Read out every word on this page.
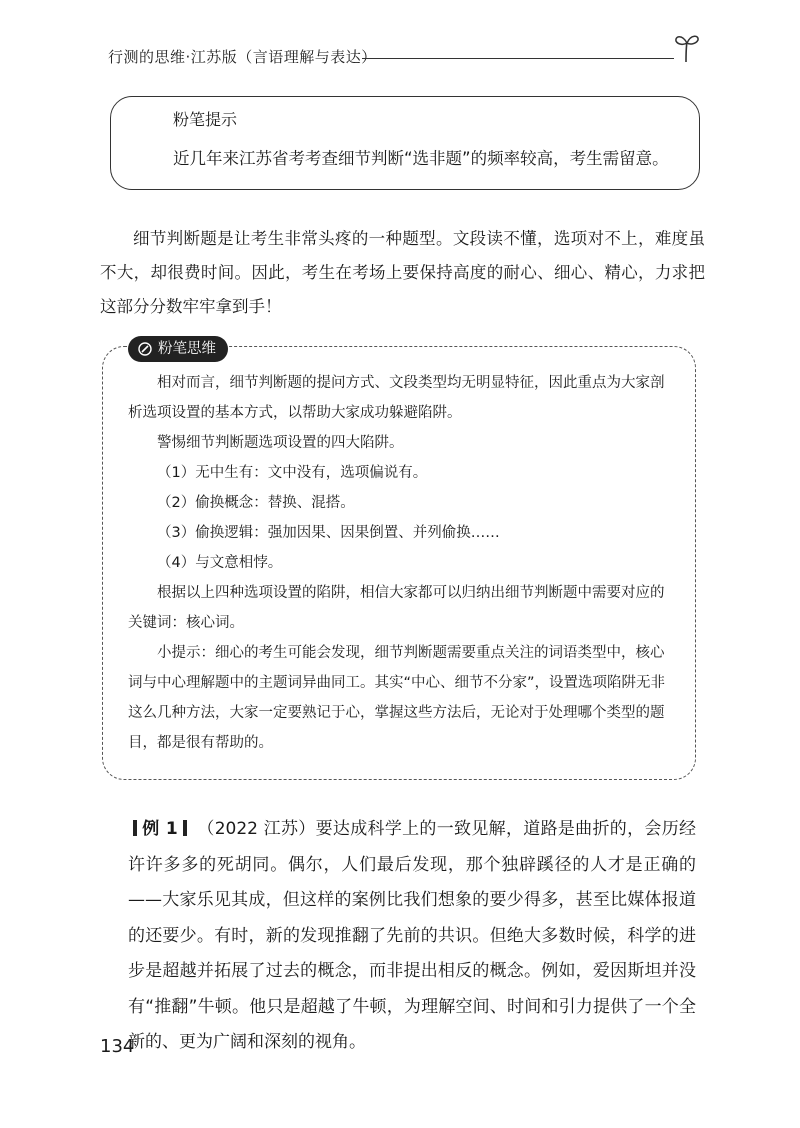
行测的思维·江苏版（言语理解与表达）
粉笔提示
近几年来江苏省考考查细节判断“选非题”的频率较高，考生需留意。

细节判断题是让考生非常头疼的一种题型。文段读不懂，选项对不上，难度虽不大，却很费时间。因此，考生在考场上要保持高度的耐心、细心、精心，力求把这部分分数牢牢拿到手！

粉笔思维

相对而言，细节判断题的提问方式、文段类型均无明显特征，因此重点为大家剖析选项设置的基本方式，以帮助大家成功躲避陷阱。

警惕细节判断题选项设置的四大陷阱。

（1）无中生有：文中没有，选项偏说有。

（2）偷换概念：替换、混搭。

（3）偷换逻辑：强加因果、因果倒置、并列偷换……

（4）与文意相悖。

根据以上四种选项设置的陷阱，相信大家都可以归纳出细节判断题中需要对应的关键词：核心词。

小提示：细心的考生可能会发现，细节判断题需要重点关注的词语类型中，核心词与中心理解题中的主题词异曲同工。其实“中心、细节不分家”，设置选项陷阱无非这么几种方法，大家一定要熟记于心，掌握这些方法后，无论对于处理哪个类型的题目，都是很有帮助的。

例 1 （2022 江苏）要达成科学上的一致见解，道路是曲折的，会历经许许多多的死胡同。偶尔，人们最后发现，那个独辟蹊径的人才是正确的——大家乐见其成，但这样的案例比我们想象的要少得多，甚至比媒体报道的还要少。有时，新的发现推翻了先前的共识。但绝大多数时候，科学的进步是超越并拓展了过去的概念，而非提出相反的概念。例如，爱因斯坦并没有“推翻”牛顿。他只是超越了牛顿，为理解空间、时间和引力提供了一个全新的、更为广阔和深刻的视角。
134
